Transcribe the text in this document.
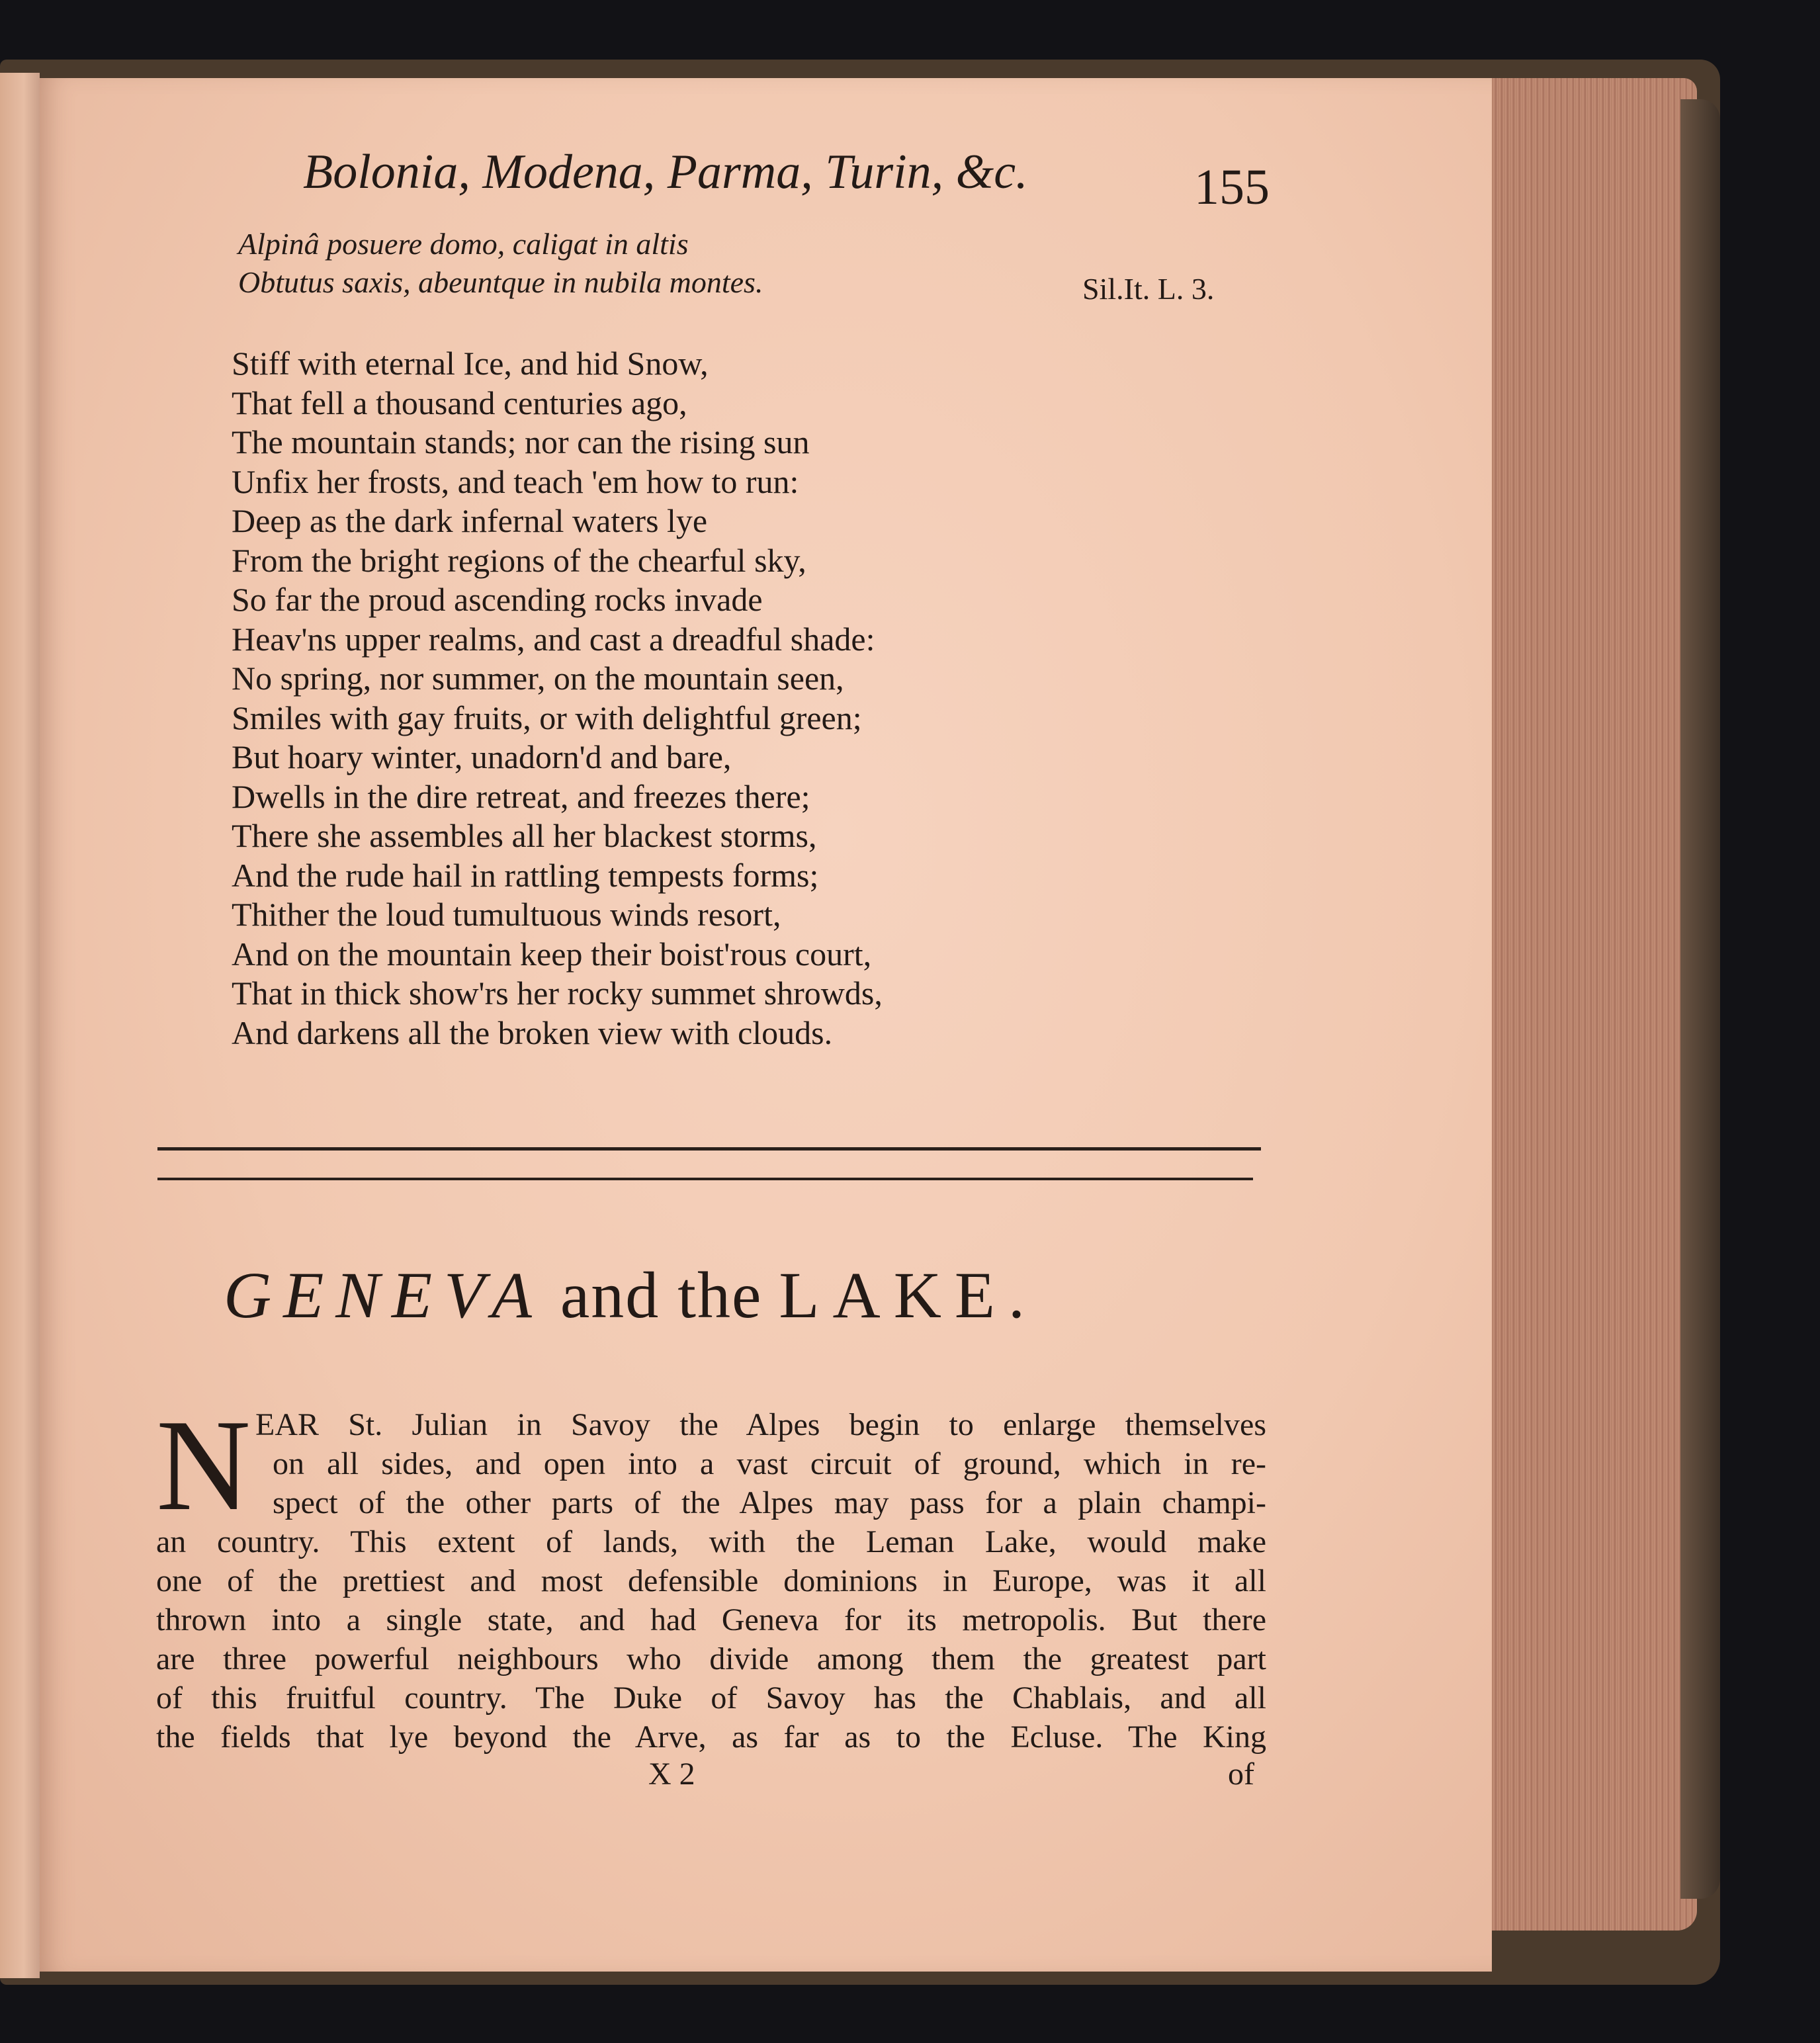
Bolonia, Modena, Parma, Turin, &c.	155
Alpinâ posuere domo, caligat in altis
Obtutus saxis, abeuntque in nubila montes.	Sil.It. L. 3.
Stiff with eternal Ice, and hid Snow,
That fell a thousand centuries ago,
The mountain stands; nor can the rising sun
Unfix her frosts, and teach 'em how to run:
Deep as the dark infernal waters lye
From the bright regions of the chearful sky,
So far the proud ascending rocks invade
Heav'ns upper realms, and cast a dreadful shade:
No spring, nor summer, on the mountain seen,
Smiles with gay fruits, or with delightful green;
But hoary winter, unadorn'd and bare,
Dwells in the dire retreat, and freezes there;
There she assembles all her blackest storms,
And the rude hail in rattling tempests forms;
Thither the loud tumultuous winds resort,
And on the mountain keep their boist'rous court,
That in thick show'rs her rocky summet shrowds,
And darkens all the broken view with clouds.
GENEVA and the LAKE.
N EAR St. Julian in Savoy the Alpes begin to enlarge themselves
on all sides, and open into a vast circuit of ground, which in re-
spect of the other parts of the Alpes may pass for a plain champi-
an country. This extent of lands, with the Leman Lake, would make
one of the prettiest and most defensible dominions in Europe, was it all
thrown into a single state, and had Geneva for its metropolis. But there
are three powerful neighbours who divide among them the greatest part
of this fruitful country. The Duke of Savoy has the Chablais, and all
the fields that lye beyond the Arve, as far as to the Ecluse. The King
X 2	of
